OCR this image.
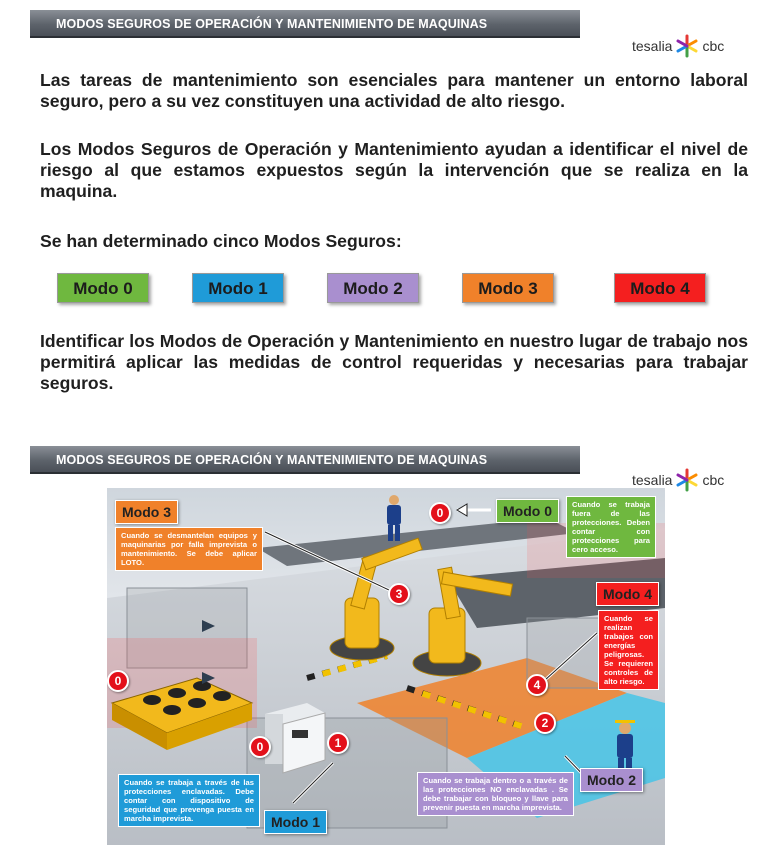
MODOS SEGUROS DE OPERACIÓN Y MANTENIMIENTO DE MAQUINAS
tesalia cbc

Las tareas de mantenimiento son esenciales para mantener un entorno laboral seguro, pero a su vez constituyen una actividad de alto riesgo.

Los Modos Seguros de Operación y Mantenimiento ayudan a identificar el nivel de riesgo al que estamos expuestos según la intervención que se realiza en la maquina.

Se han determinado cinco Modos Seguros:

Modo 0	Modo 1	Modo 2	Modo 3	Modo 4

Identificar los Modos de Operación y Mantenimiento en nuestro lugar de trabajo nos permitirá aplicar las medidas de control requeridas y necesarias para trabajar seguros.

MODOS SEGUROS DE OPERACIÓN Y MANTENIMIENTO DE MAQUINAS
tesalia cbc
Modo 3	Modo 0
Modo 4
Modo 2
Modo 1
Cuando se desmantelan equipos y maquinarias por falla imprevista o mantenimiento. Se debe aplicar LOTO.
Cuando se trabaja fuera de las protecciones. Deben contar con protecciones para cero acceso.
Cuando se realizan trabajos con energías peligrosas. Se requieren controles de alto riesgo.
Cuando se trabaja dentro o a través de las protecciones NO enclavadas . Se debe trabajar con bloqueo y llave para prevenir puesta en marcha imprevista.
Cuando se trabaja a través de las protecciones enclavadas. Debe contar con dispositivo de seguridad que prevenga puesta en marcha imprevista.
0
0
0	1
2
3
4
